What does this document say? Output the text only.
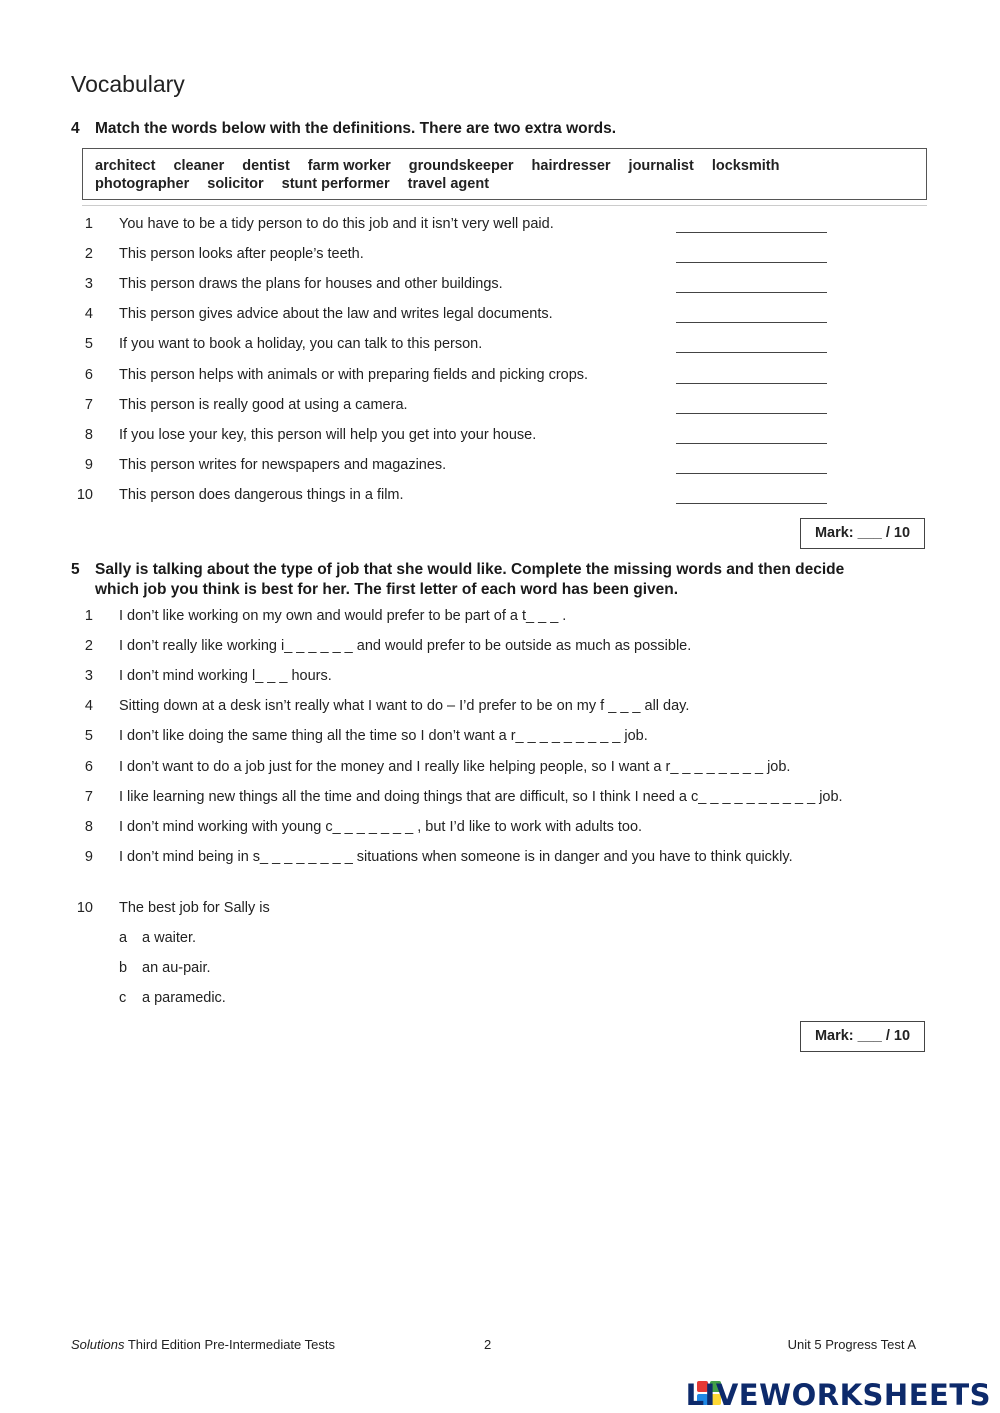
Vocabulary
4 Match the words below with the definitions. There are two extra words.
architect cleaner dentist farm worker groundskeeper hairdresser journalist locksmith
photographer solicitor stunt performer travel agent
1 You have to be a tidy person to do this job and it isn’t very well paid.
2 This person looks after people’s teeth.
3 This person draws the plans for houses and other buildings.
4 This person gives advice about the law and writes legal documents.
5 If you want to book a holiday, you can talk to this person.
6 This person helps with animals or with preparing fields and picking crops.
7 This person is really good at using a camera.
8 If you lose your key, this person will help you get into your house.
9 This person writes for newspapers and magazines.
10 This person does dangerous things in a film.
Mark: ___ / 10
5 Sally is talking about the type of job that she would like. Complete the missing words and then decide
which job you think is best for her. The first letter of each word has been given.
1 I don’t like working on my own and would prefer to be part of a t_ _ _ .
2 I don’t really like working i_ _ _ _ _ _ and would prefer to be outside as much as possible.
3 I don’t mind working l_ _ _ hours.
4 Sitting down at a desk isn’t really what I want to do – I’d prefer to be on my f _ _ _ all day.
5 I don’t like doing the same thing all the time so I don’t want a r_ _ _ _ _ _ _ _ _ job.
6 I don’t want to do a job just for the money and I really like helping people, so I want a r_ _ _ _ _ _ _ _ job.
7 I like learning new things all the time and doing things that are difficult, so I think I need a c_ _ _ _ _ _ _ _ _ _ job.
8 I don’t mind working with young c_ _ _ _ _ _ _ , but I’d like to work with adults too.
9 I don’t mind being in s_ _ _ _ _ _ _ _ situations when someone is in danger and you have to think quickly.
10 The best job for Sally is
a a waiter.
b an au-pair.
c a paramedic.
Mark: ___ / 10
Solutions Third Edition Pre-Intermediate Tests	2	Unit 5 Progress Test A
LIVEWORKSHEETS
